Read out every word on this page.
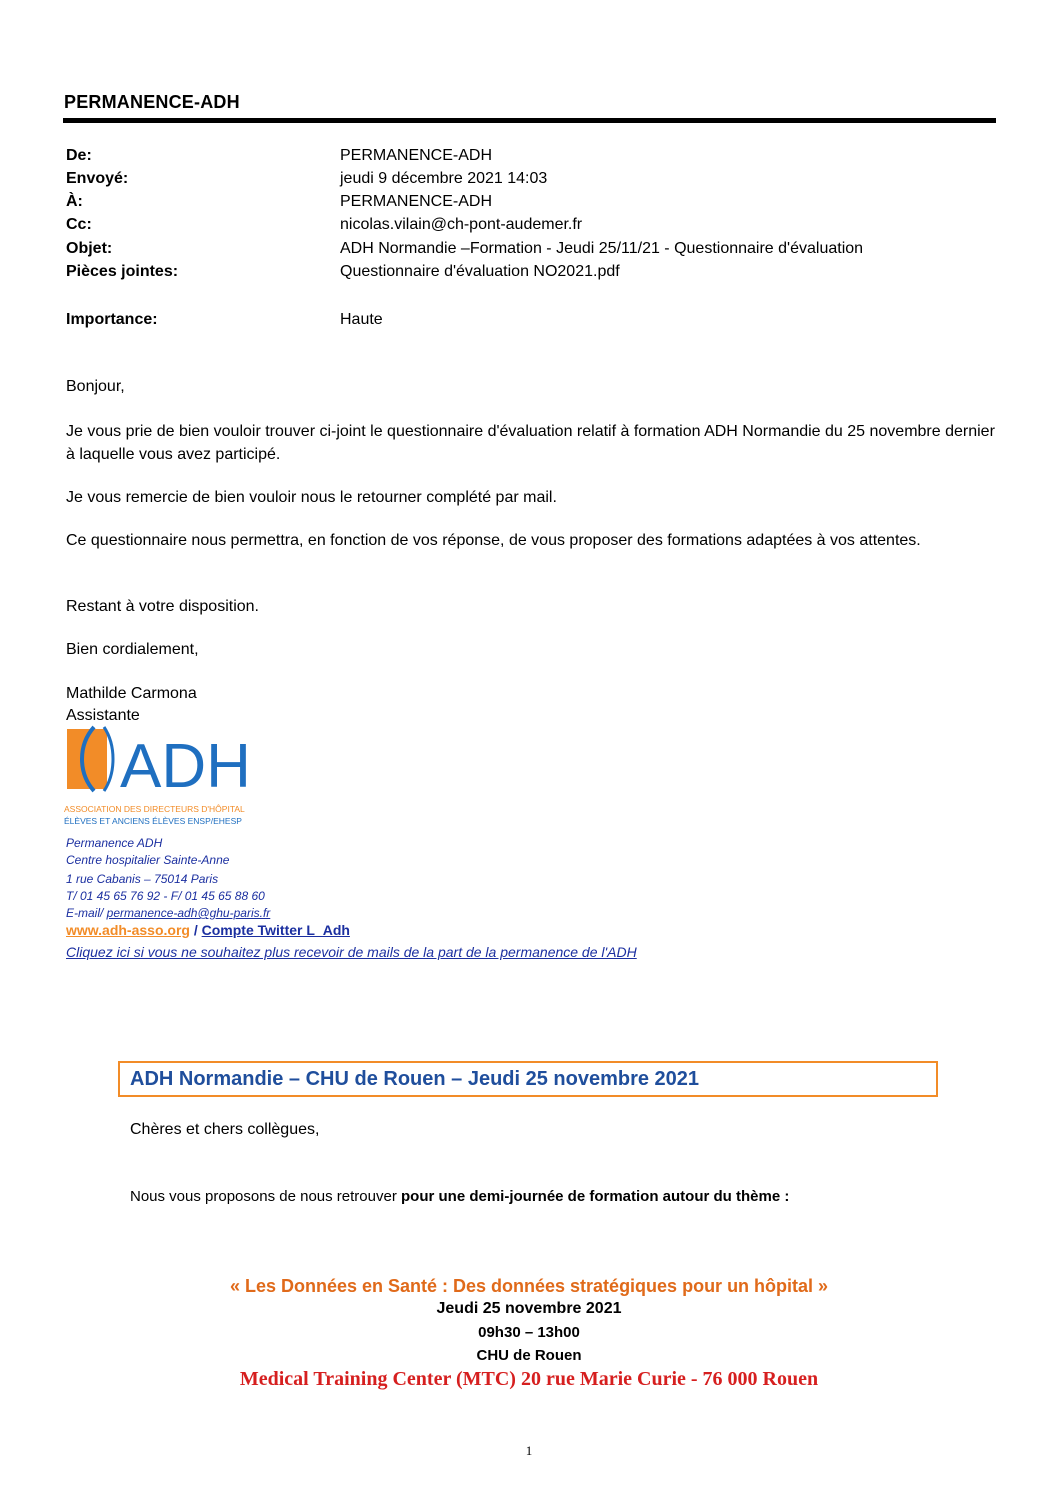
PERMANENCE-ADH
De:	PERMANENCE-ADH
Envoyé:	jeudi 9 décembre 2021 14:03
À:	PERMANENCE-ADH
Cc:	nicolas.vilain@ch-pont-audemer.fr
Objet:	ADH Normandie –Formation - Jeudi 25/11/21 - Questionnaire d'évaluation
Pièces jointes:	Questionnaire d'évaluation NO2021.pdf
Importance:	Haute
Bonjour,
Je vous prie de bien vouloir trouver ci-joint le questionnaire d'évaluation relatif à formation ADH Normandie du 25 novembre dernier à laquelle vous avez participé.
Je vous remercie de bien vouloir nous le retourner complété par mail.
Ce questionnaire nous permettra, en fonction de vos réponse, de vous proposer des formations adaptées à vos attentes.
Restant à votre disposition.
Bien cordialement,
Mathilde Carmona
Assistante
ADH
ASSOCIATION DES DIRECTEURS D'HÔPITAL
ÉLÈVES ET ANCIENS ÉLÈVES ENSP/EHESP
Permanence ADH
Centre hospitalier Sainte-Anne
1 rue Cabanis – 75014 Paris
T/ 01 45 65 76 92 - F/ 01 45 65 88 60
E-mail/ permanence-adh@ghu-paris.fr
www.adh-asso.org / Compte Twitter L_Adh
Cliquez ici si vous ne souhaitez plus recevoir de mails de la part de la permanence de l'ADH
ADH Normandie – CHU de Rouen – Jeudi 25 novembre 2021
Chères et chers collègues,
Nous vous proposons de nous retrouver pour une demi-journée de formation autour du thème :
« Les Données en Santé : Des données stratégiques pour un hôpital »
Jeudi 25 novembre 2021
09h30 – 13h00
CHU de Rouen
Medical Training Center (MTC) 20 rue Marie Curie - 76 000 Rouen
1
